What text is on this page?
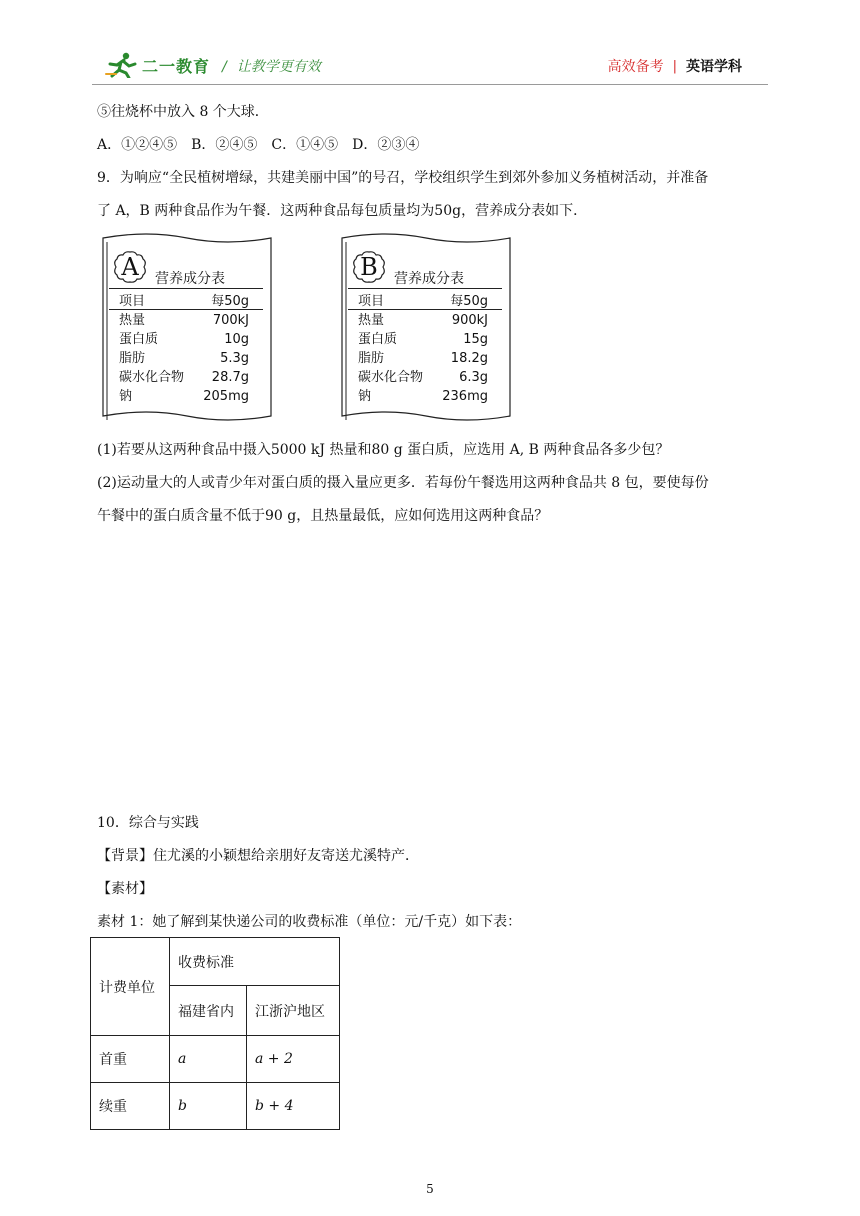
二一教育 / 让教学更有效	高效备考 | 英语学科
⑤往烧杯中放入 8 个大球．
A．①②④⑤　B．②④⑤　C．①④⑤　D．②③④
9．为响应“全民植树增绿，共建美丽中国”的号召，学校组织学生到郊外参加义务植树活动，并准备
了 A，B 两种食品作为午餐．这两种食品每包质量均为50g，营养成分表如下．
A	营养成分表
项目	每50g
热量	700kJ
蛋白质	10g
脂肪	5.3g
碳水化合物 28.7g
钠	205mg
B	营养成分表
项目	每50g
热量	900kJ
蛋白质	15g
脂肪	18.2g
碳水化合物	6.3g
钠	236mg
(1)若要从这两种食品中摄入5000 kJ 热量和80 g 蛋白质，应选用 A, B 两种食品各多少包？
(2)运动量大的人或青少年对蛋白质的摄入量应更多．若每份午餐选用这两种食品共 8 包，要使每份
午餐中的蛋白质含量不低于90 g，且热量最低，应如何选用这两种食品？
10．综合与实践
【背景】住尤溪的小颖想给亲朋好友寄送尤溪特产．
【素材】
素材 1：她了解到某快递公司的收费标准（单位：元/千克）如下表：
计费单位	收费标准	
	福建省内	江浙沪地区
首重	a	a + 2
续重	b	b + 4
5
